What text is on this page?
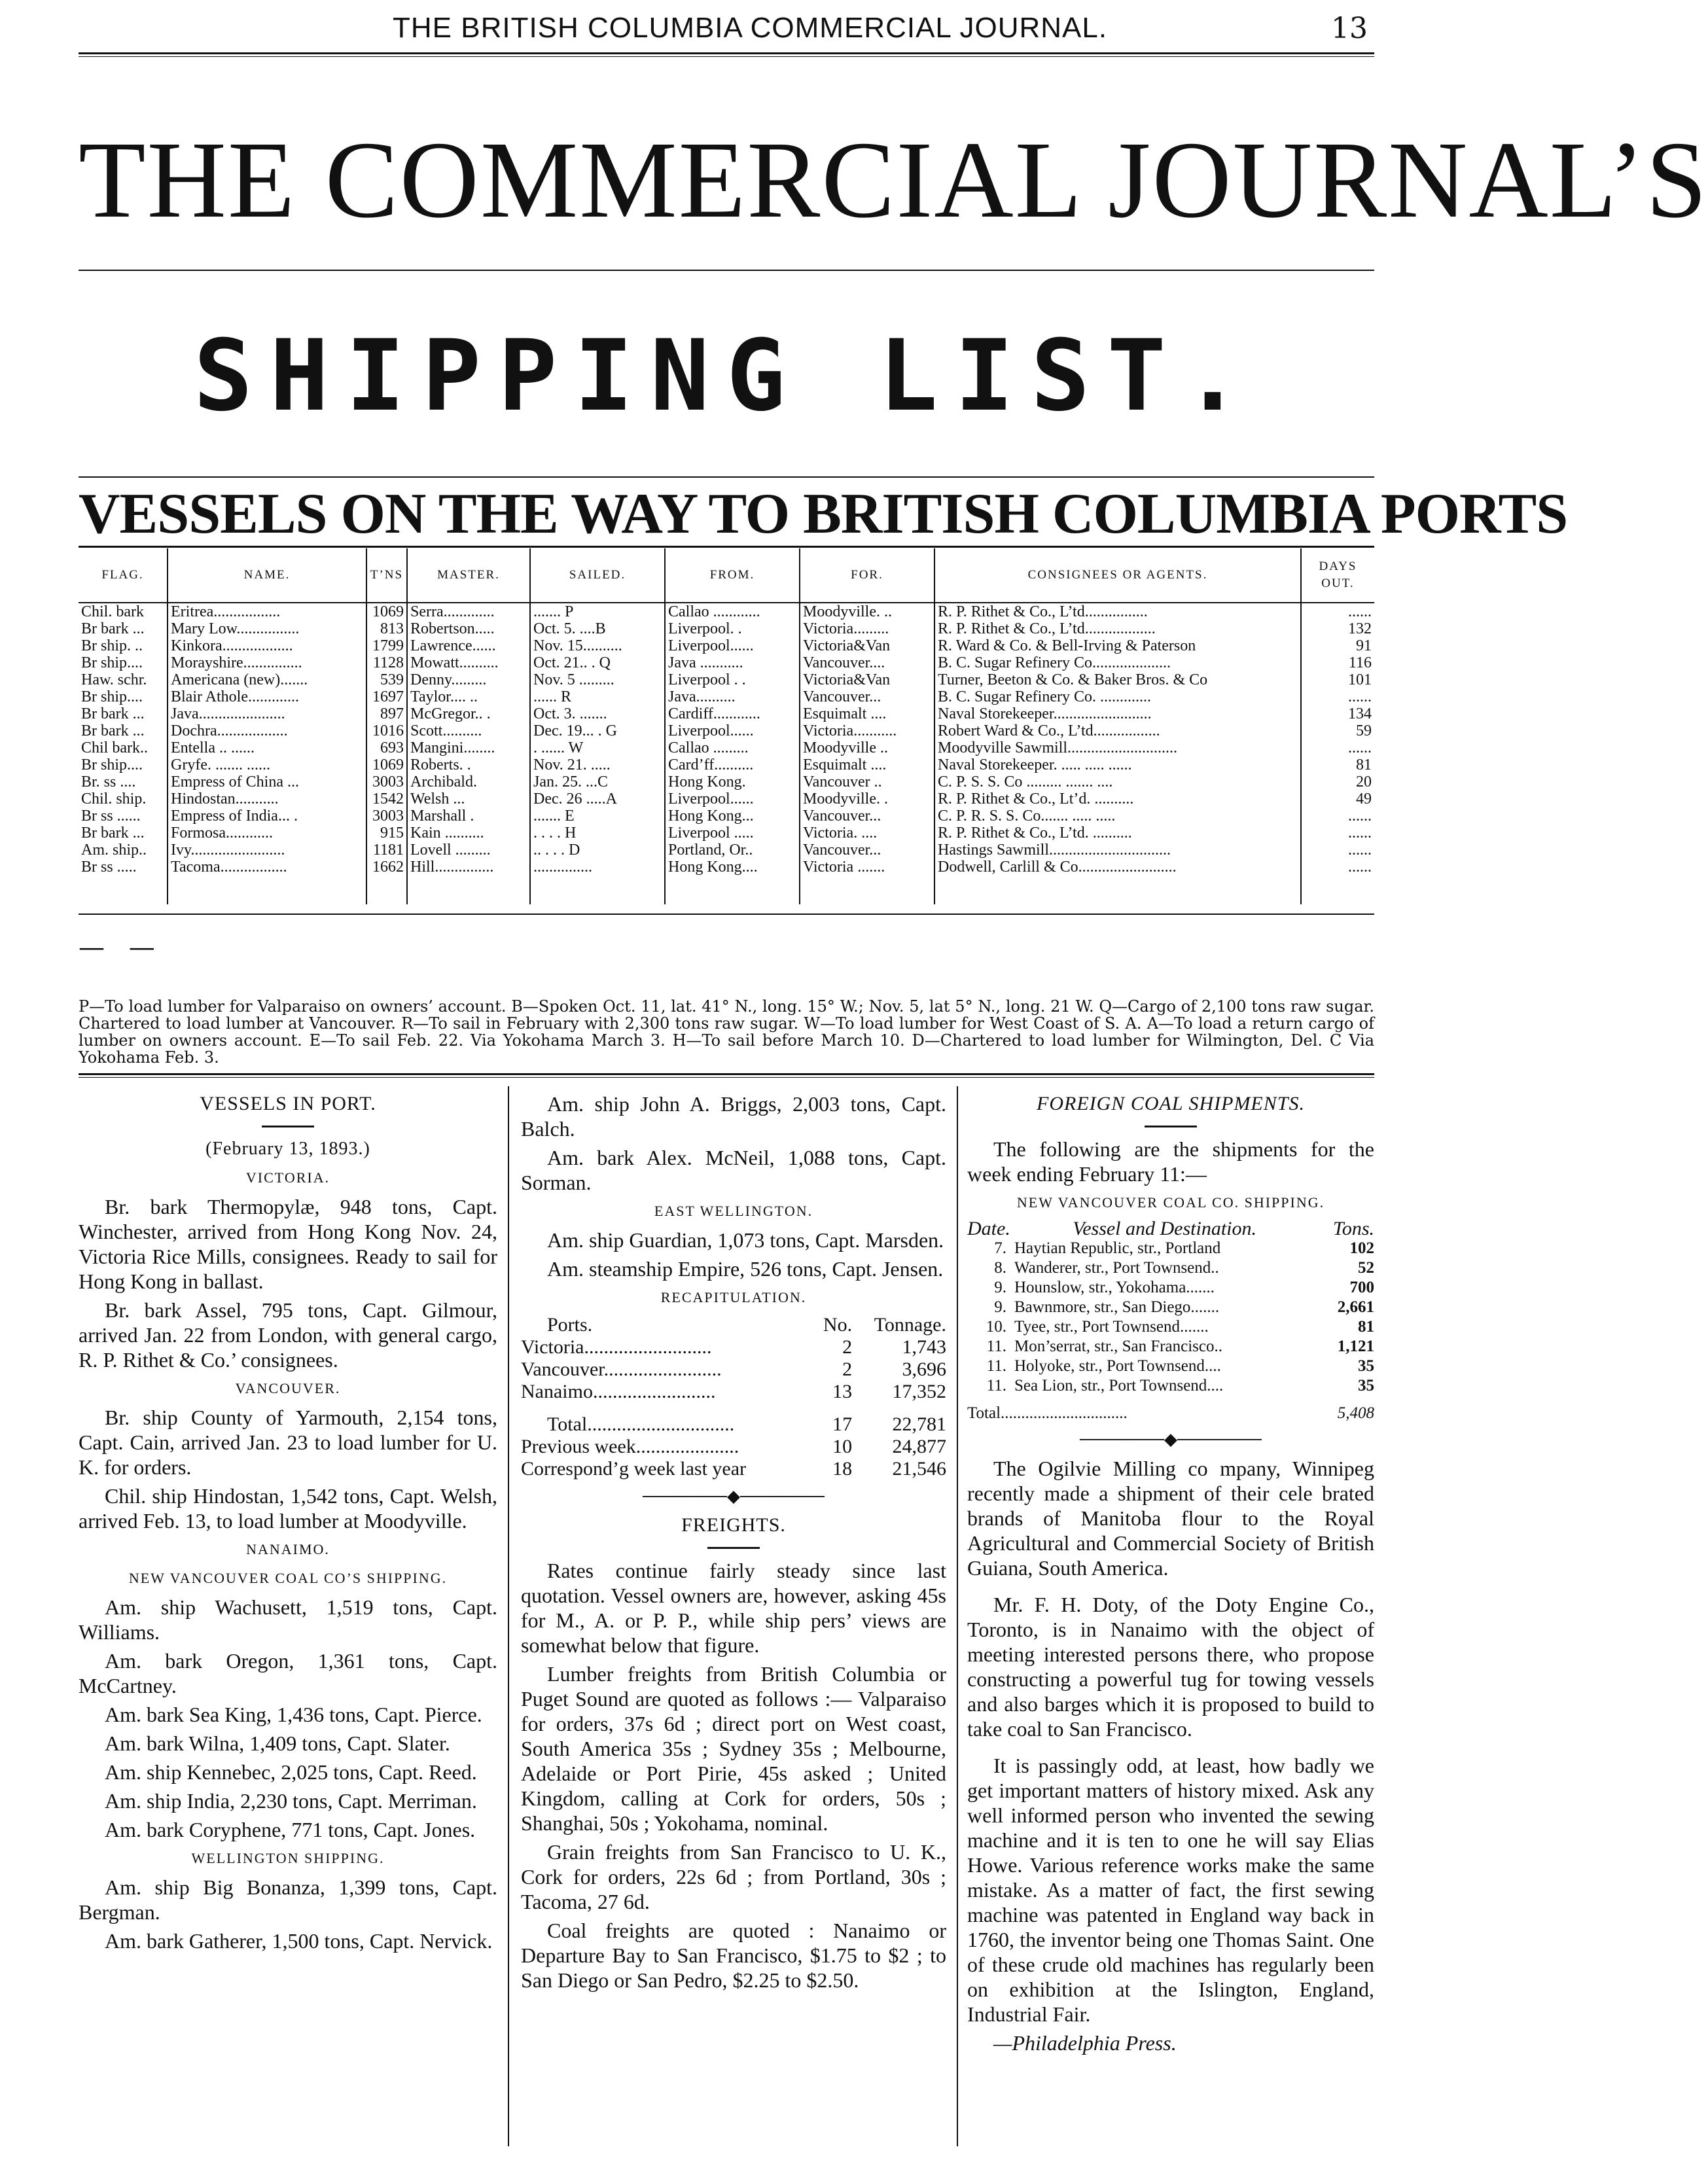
THE BRITISH COLUMBIA COMMERCIAL JOURNAL.	13
THE COMMERCIAL JOURNAL’S
SHIPPING LIST.
VESSELS ON THE WAY TO BRITISH COLUMBIA PORTS
FLAG.	NAME.	T’NS	MASTER.	SAILED.	FROM.	FOR.	CONSIGNEES OR AGENTS.	DAYS OUT.
Chil. bark	Eritrea.................	1069	Serra.............	....... P	Callao ............	Moodyville. ..	R. P. Rithet & Co., L’td................	......
Br bark ...	Mary Low................	813	Robertson.....	Oct. 5. ....B	Liverpool. .	Victoria.........	R. P. Rithet & Co., L’td..................	132
Br ship. ..	Kinkora..................	1799	Lawrence......	Nov. 15..........	Liverpool......	Victoria&Van	R. Ward & Co. & Bell-Irving & Paterson	91
Br ship....	Morayshire...............	1128	Mowatt..........	Oct. 21.. . Q	Java ...........	Vancouver....	B. C. Sugar Refinery Co....................	116
Haw. schr.	Americana (new).......	539	Denny.........	Nov. 5 .........	Liverpool . .	Victoria&Van	Turner, Beeton & Co. & Baker Bros. & Co	101
Br ship....	Blair Athole.............	1697	Taylor.... ..	...... R	Java..........	Vancouver...	B. C. Sugar Refinery Co. .............	......
Br bark ...	Java......................	897	McGregor.. .	Oct. 3. .......	Cardiff............	Esquimalt ....	Naval Storekeeper.........................	134
Br bark ...	Dochra..................	1016	Scott..........	Dec. 19... . G	Liverpool......	Victoria...........	Robert Ward & Co., L’td.................	59
Chil bark..	Entella .. ......	693	Mangini........	. ...... W	Callao .........	Moodyville ..	Moodyville Sawmill............................	......
Br ship....	Gryfe. ....... ......	1069	Roberts. .	Nov. 21. .....	Card’ff..........	Esquimalt ....	Naval Storekeeper. ..... ..... ......	81
Br. ss ....	Empress of China ...	3003	Archibald.	Jan. 25. ...C	Hong Kong.	Vancouver ..	C. P. S. S. Co ......... ....... ....	20
Chil. ship.	Hindostan...........	1542	Welsh ...	Dec. 26 .....A	Liverpool......	Moodyville. .	R. P. Rithet & Co., Lt’d. ..........	49
Br ss ......	Empress of India... .	3003	Marshall .	....... E	Hong Kong...	Vancouver...	C. P. R. S. S. Co....... ..... .....	......
Br bark ...	Formosa............	915	Kain ..........	. . . . H	Liverpool .....	Victoria. ....	R. P. Rithet & Co., L’td. ..........	......
Am. ship..	Ivy........................	1181	Lovell .........	.. . . . D	Portland, Or..	Vancouver...	Hastings Sawmill...............................	......
Br ss .....	Tacoma.................	1662	Hill...............	...............	Hong Kong....	Victoria .......	Dodwell, Carlill & Co.........................	......

— —
P—To load lumber for Valparaiso on owners’ account. B—Spoken Oct. 11, lat. 41° N., long. 15° W.; Nov. 5, lat 5° N., long. 21 W. Q—Cargo of 2,100 tons raw sugar. Chartered to load lumber at Vancouver. R—To sail in February with 2,300 tons raw sugar. W—To load lumber for West Coast of S. A. A—To load a return cargo of lumber on owners account. E—To sail Feb. 22. Via Yokohama March 3. H—To sail before March 10. D—Chartered to load lumber for Wilmington, Del. C Via Yokohama Feb. 3.

VESSELS IN PORT.

(February 13, 1893.)

VICTORIA.

Br. bark Thermopylæ, 948 tons, Capt. Winchester, arrived from Hong Kong Nov. 24, Victoria Rice Mills, consignees. Ready to sail for Hong Kong in ballast.

Br. bark Assel, 795 tons, Capt. Gilmour, arrived Jan. 22 from London, with general cargo, R. P. Rithet & Co.’ consignees.

VANCOUVER.

Br. ship County of Yarmouth, 2,154 tons, Capt. Cain, arrived Jan. 23 to load lumber for U. K. for orders.

Chil. ship Hindostan, 1,542 tons, Capt. Welsh, arrived Feb. 13, to load lumber at Moodyville.

NANAIMO.

NEW VANCOUVER COAL CO’S SHIPPING.

Am. ship Wachusett, 1,519 tons, Capt. Williams.

Am. bark Oregon, 1,361 tons, Capt. McCartney.

Am. bark Sea King, 1,436 tons, Capt. Pierce.

Am. bark Wilna, 1,409 tons, Capt. Slater.

Am. ship Kennebec, 2,025 tons, Capt. Reed.

Am. ship India, 2,230 tons, Capt. Merriman.

Am. bark Coryphene, 771 tons, Capt. Jones.

WELLINGTON SHIPPING.

Am. ship Big Bonanza, 1,399 tons, Capt. Bergman.

Am. bark Gatherer, 1,500 tons, Capt. Nervick.

Am. ship John A. Briggs, 2,003 tons, Capt. Balch.

Am. bark Alex. McNeil, 1,088 tons, Capt. Sorman.

EAST WELLINGTON.

Am. ship Guardian, 1,073 tons, Capt. Marsden.

Am. steamship Empire, 526 tons, Capt. Jensen.

RECAPITULATION.

Ports.	No.	Tonnage.
Victoria..........................	2	1,743
Vancouver........................	2	3,696
Nanaimo.........................	13	17,352

Total..............................	17	22,781
Previous week.....................	10	24,877
Correspond’g week last year	18	21,546
───────◆───────

FREIGHTS.

Rates continue fairly steady since last quotation. Vessel owners are, however, asking 45s for M., A. or P. P., while ship pers’ views are somewhat below that figure.

Lumber freights from British Columbia or Puget Sound are quoted as follows :— Valparaiso for orders, 37s 6d ; direct port on West coast, South America 35s ; Sydney 35s ; Melbourne, Adelaide or Port Pirie, 45s asked ; United Kingdom, calling at Cork for orders, 50s ; Shanghai, 50s ; Yokohama, nominal.

Grain freights from San Francisco to U. K., Cork for orders, 22s 6d ; from Portland, 30s ; Tacoma, 27 6d.

Coal freights are quoted : Nanaimo or Departure Bay to San Francisco, $1.75 to $2 ; to San Diego or San Pedro, $2.25 to $2.50.

FOREIGN COAL SHIPMENTS.

The following are the shipments for the week ending February 11:—

NEW VANCOUVER COAL CO. SHIPPING.

Date.	Vessel and Destination.	Tons.
7.	Haytian Republic, str., Portland	102
8.	Wanderer, str., Port Townsend..	52
9.	Hounslow, str., Yokohama.......	700
9.	Bawnmore, str., San Diego.......	2,661
10.	Tyee, str., Port Townsend.......	81
11.	Mon’serrat, str., San Francisco..	1,121
11.	Holyoke, str., Port Townsend....	35
11.	Sea Lion, str., Port Townsend....	35

Total...............................		5,408
───────◆───────

The Ogilvie Milling co mpany, Winnipeg recently made a shipment of their cele brated brands of Manitoba flour to the Royal Agricultural and Commercial Society of British Guiana, South America.

Mr. F. H. Doty, of the Doty Engine Co., Toronto, is in Nanaimo with the object of meeting interested persons there, who propose constructing a powerful tug for towing vessels and also barges which it is proposed to build to take coal to San Francisco.

It is passingly odd, at least, how badly we get important matters of history mixed. Ask any well informed person who invented the sewing machine and it is ten to one he will say Elias Howe. Various reference works make the same mistake. As a matter of fact, the first sewing machine was patented in England way back in 1760, the inventor being one Thomas Saint. One of these crude old machines has regularly been on exhibition at the Islington, England, Industrial Fair.

—Philadelphia Press.
